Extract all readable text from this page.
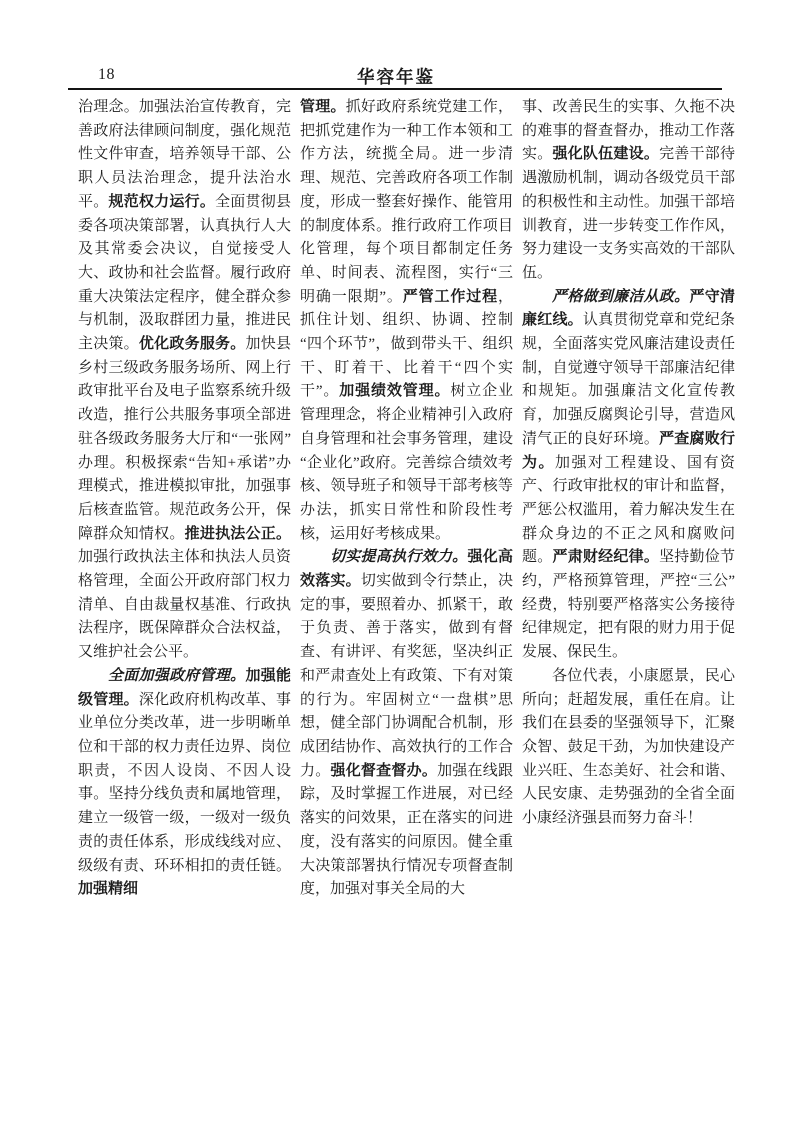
18	华容年鉴

治理念。加强法治宣传教育，完善政府法律顾问制度，强化规范性文件审查，培养领导干部、公职人员法治理念，提升法治水平。规范权力运行。全面贯彻县委各项决策部署，认真执行人大及其常委会决议，自觉接受人大、政协和社会监督。履行政府重大决策法定程序，健全群众参与机制，汲取群团力量，推进民主决策。优化政务服务。加快县乡村三级政务服务场所、网上行政审批平台及电子监察系统升级改造，推行公共服务事项全部进驻各级政务服务大厅和“一张网”办理。积极探索“告知+承诺”办理模式，推进模拟审批，加强事后核查监管。规范政务公开，保障群众知情权。推进执法公正。加强行政执法主体和执法人员资格管理，全面公开政府部门权力清单、自由裁量权基准、行政执法程序，既保障群众合法权益，又维护社会公平。

全面加强政府管理。加强能级管理。深化政府机构改革、事业单位分类改革，进一步明晰单位和干部的权力责任边界、岗位职责，不因人设岗、不因人设事。坚持分线负责和属地管理，建立一级管一级，一级对一级负责的责任体系，形成线线对应、级级有责、环环相扣的责任链。加强精细

管理。抓好政府系统党建工作，把抓党建作为一种工作本领和工作方法，统揽全局。进一步清理、规范、完善政府各项工作制度，形成一整套好操作、能管用的制度体系。推行政府工作项目化管理，每个项目都制定任务单、时间表、流程图，实行“三明确一限期”。严管工作过程，抓住计划、组织、协调、控制“四个环节”，做到带头干、组织干、盯着干、比着干“四个实干”。加强绩效管理。树立企业管理理念，将企业精神引入政府自身管理和社会事务管理，建设“企业化”政府。完善综合绩效考核、领导班子和领导干部考核等办法，抓实日常性和阶段性考核，运用好考核成果。

切实提高执行效力。强化高效落实。切实做到令行禁止，决定的事，要照着办、抓紧干，敢于负责、善于落实，做到有督查、有讲评、有奖惩，坚决纠正和严肃查处上有政策、下有对策的行为。牢固树立“一盘棋”思想，健全部门协调配合机制，形成团结协作、高效执行的工作合力。强化督查督办。加强在线跟踪，及时掌握工作进展，对已经落实的问效果，正在落实的问进度，没有落实的问原因。健全重大决策部署执行情况专项督查制度，加强对事关全局的大

事、改善民生的实事、久拖不决的难事的督查督办，推动工作落实。强化队伍建设。完善干部待遇激励机制，调动各级党员干部的积极性和主动性。加强干部培训教育，进一步转变工作作风，努力建设一支务实高效的干部队伍。

严格做到廉洁从政。严守清廉红线。认真贯彻党章和党纪条规，全面落实党风廉洁建设责任制，自觉遵守领导干部廉洁纪律和规矩。加强廉洁文化宣传教育，加强反腐舆论引导，营造风清气正的良好环境。严查腐败行为。加强对工程建设、国有资产、行政审批权的审计和监督，严惩公权滥用，着力解决发生在群众身边的不正之风和腐败问题。严肃财经纪律。坚持勤俭节约，严格预算管理，严控“三公”经费，特别要严格落实公务接待纪律规定，把有限的财力用于促发展、保民生。

各位代表，小康愿景，民心所向；赶超发展，重任在肩。让我们在县委的坚强领导下，汇聚众智、鼓足干劲，为加快建设产业兴旺、生态美好、社会和谐、人民安康、走势强劲的全省全面小康经济强县而努力奋斗！
